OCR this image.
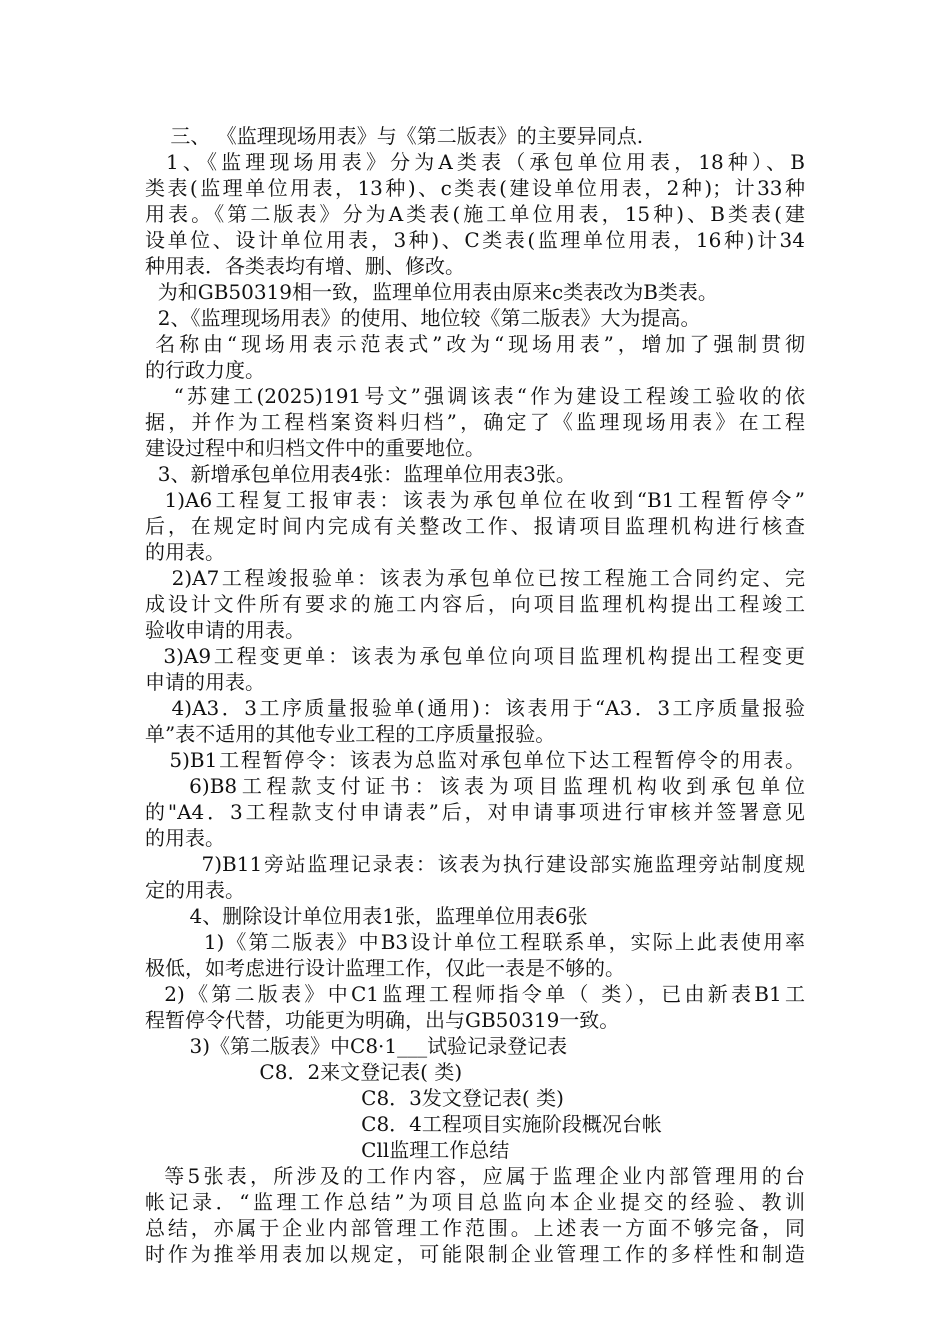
三、 《监理现场用表》与《第二版表》的主要异同点.
1、《监理现场用表》分为A类表（承包单位用表，18种）、B
类表(监理单位用表，13种)、c类表(建设单位用表，2种)；计33种
用表。《第二版表》分为A类表(施工单位用表，15种)、B类表(建
设单位、设计单位用表，3种)、C类表(监理单位用表，16种)计34
种用表．各类表均有增、删、修改。
为和GB50319相一致，监理单位用表由原来c类表改为B类表。
2、《监理现场用表》的使用、地位较《第二版表》大为提高。
名称由“现场用表示范表式”改为“现场用表”，增加了强制贯彻
的行政力度。
“苏建工(2025)191号文”强调该表“作为建设工程竣工验收的依
据，并作为工程档案资料归档”，确定了《监理现场用表》在工程
建设过程中和归档文件中的重要地位。
3、新增承包单位用表4张：监理单位用表3张。
1)A6工程复工报审表：该表为承包单位在收到“B1工程暂停令”
后，在规定时间内完成有关整改工作、报请项目监理机构进行核查
的用表。
2)A7工程竣报验单：该表为承包单位已按工程施工合同约定、完
成设计文件所有要求的施工内容后，向项目监理机构提出工程竣工
验收申请的用表。
3)A9工程变更单：该表为承包单位向项目监理机构提出工程变更
申请的用表。
4)A3．3工序质量报验单(通用)：该表用于“A3．3工序质量报验
单”表不适用的其他专业工程的工序质量报验。
5)B1工程暂停令：该表为总监对承包单位下达工程暂停令的用表。
6)B8工程款支付证书：该表为项目监理机构收到承包单位
的"A4．3工程款支付申请表”后，对申请事项进行审核并签署意见
的用表。
7)B11旁站监理记录表：该表为执行建设部实施监理旁站制度规
定的用表。
4、删除设计单位用表1张，监理单位用表6张
1)《第二版表》中B3设计单位工程联系单，实际上此表使用率
极低，如考虑进行设计监理工作，仅此一表是不够的。
2)《第二版表》中C1监理工程师指令单（ 类），已由新表B1工
程暂停令代替，功能更为明确，出与GB50319一致。
3)《第二版表》中C8·1___试验记录登记表
C8．2来文登记表( 类)
C8．3发文登记表( 类)
C8．4工程项目实施阶段概况台帐
Cll监理工作总结
等5张表，所涉及的工作内容，应属于监理企业内部管理用的台
帐记录．“监理工作总结”为项目总监向本企业提交的经验、教训
总结，亦属于企业内部管理工作范围。上述表一方面不够完备，同
时作为推举用表加以规定，可能限制企业管理工作的多样性和制造
